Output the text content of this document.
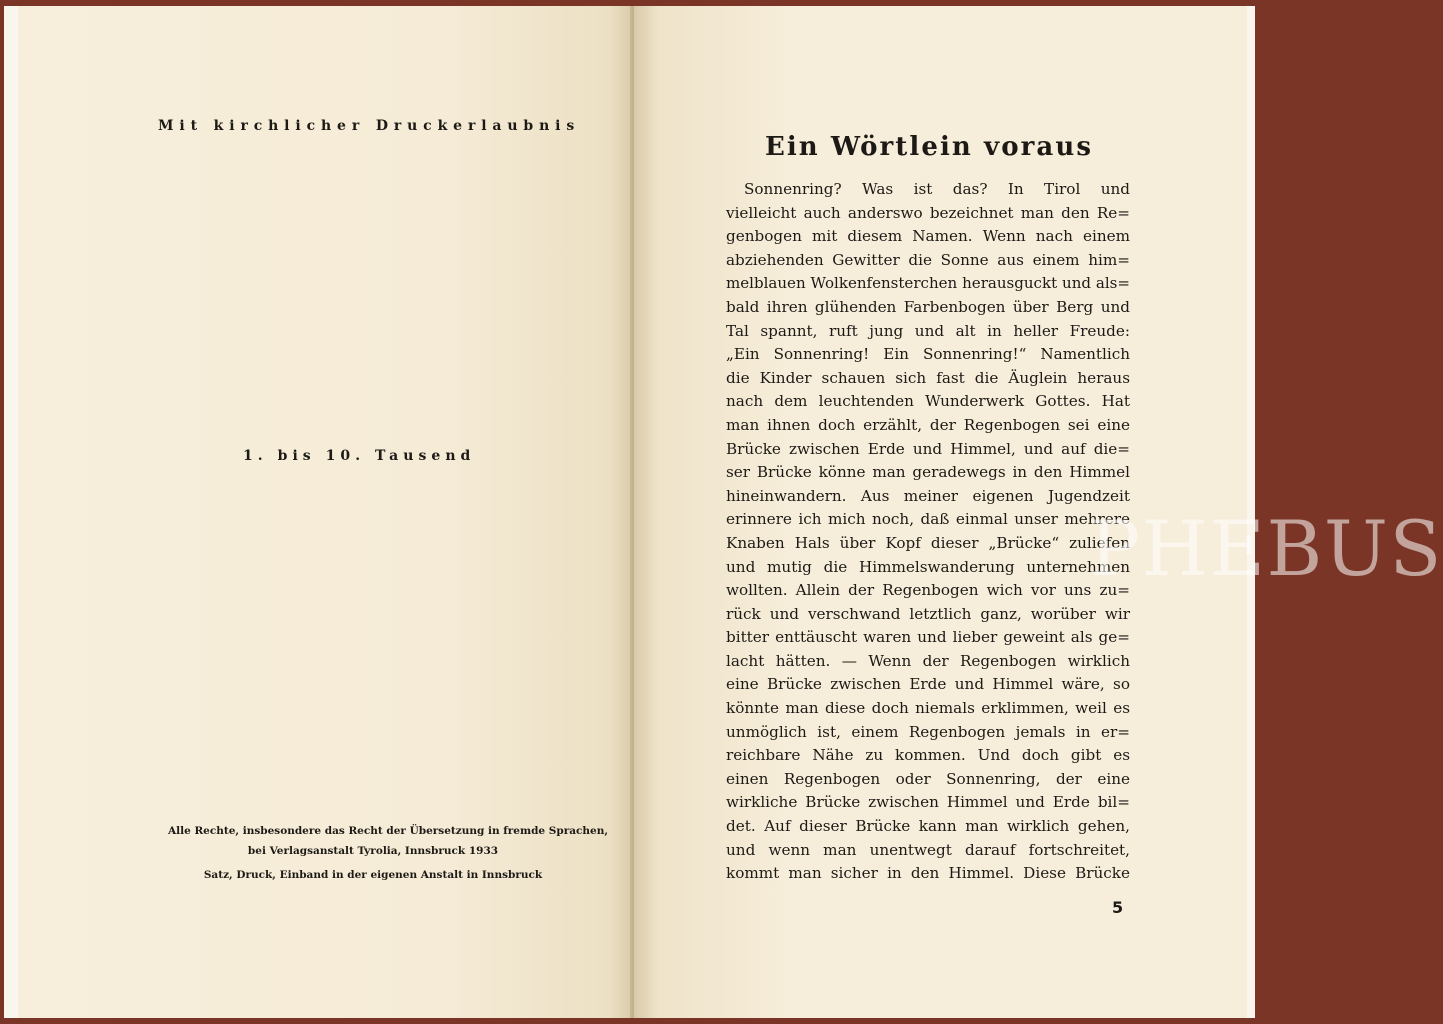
Mit kirchlicher Druckerlaubnis
1. bis 10. Tausend
Alle Rechte, insbesondere das Recht der Übersetzung in fremde Sprachen,
bei Verlagsanstalt Tyrolia, Innsbruck 1933
Satz, Druck, Einband in der eigenen Anstalt in Innsbruck
Ein Wörtlein voraus
Sonnenring? Was ist das? In Tirol und
vielleicht auch anderswo bezeichnet man den Re=
genbogen mit diesem Namen. Wenn nach einem
abziehenden Gewitter die Sonne aus einem him=
melblauen Wolkenfensterchen herausguckt und als=
bald ihren glühenden Farbenbogen über Berg und
Tal spannt, ruft jung und alt in heller Freude:
„Ein Sonnenring! Ein Sonnenring!“ Namentlich
die Kinder schauen sich fast die Äuglein heraus
nach dem leuchtenden Wunderwerk Gottes. Hat
man ihnen doch erzählt, der Regenbogen sei eine
Brücke zwischen Erde und Himmel, und auf die=
ser Brücke könne man geradewegs in den Himmel
hineinwandern. Aus meiner eigenen Jugendzeit
erinnere ich mich noch, daß einmal unser mehrere
Knaben Hals über Kopf dieser „Brücke“ zuliefen
und mutig die Himmelswanderung unternehmen
wollten. Allein der Regenbogen wich vor uns zu=
rück und verschwand letztlich ganz, worüber wir
bitter enttäuscht waren und lieber geweint als ge=
lacht hätten. — Wenn der Regenbogen wirklich
eine Brücke zwischen Erde und Himmel wäre, so
könnte man diese doch niemals erklimmen, weil es
unmöglich ist, einem Regenbogen jemals in er=
reichbare Nähe zu kommen. Und doch gibt es
einen Regenbogen oder Sonnenring, der eine
wirkliche Brücke zwischen Himmel und Erde bil=
det. Auf dieser Brücke kann man wirklich gehen,
und wenn man unentwegt darauf fortschreitet,
kommt man sicher in den Himmel. Diese Brücke
5
PHEBUS
